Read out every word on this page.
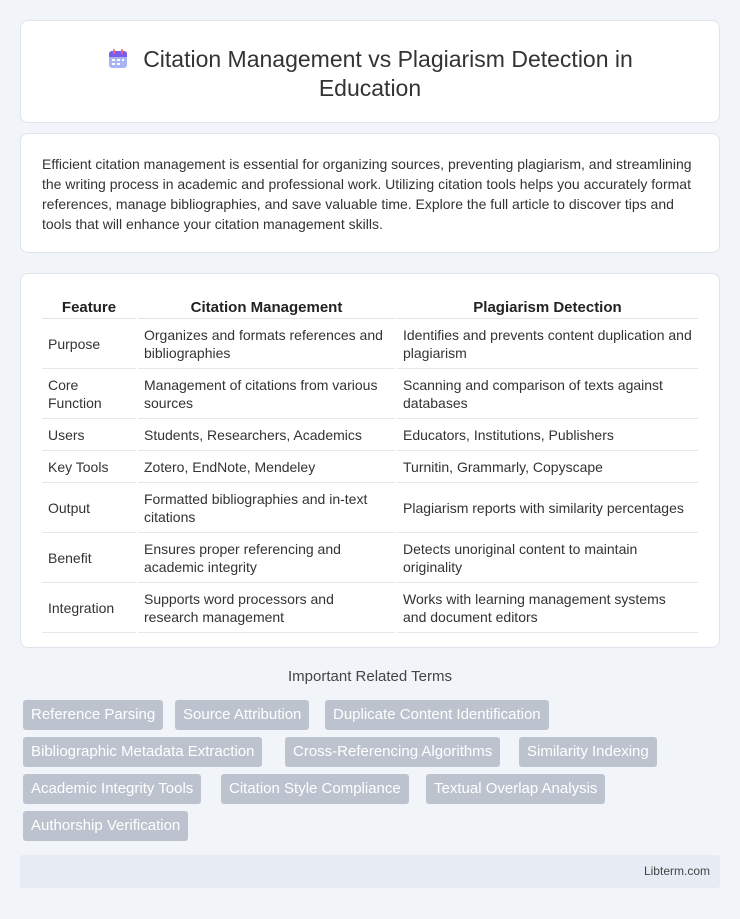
Citation Management vs Plagiarism Detection in
Education

Efficient citation management is essential for organizing sources, preventing plagiarism, and streamlining the writing process in academic and professional work. Utilizing citation tools helps you accurately format references, manage bibliographies, and save valuable time. Explore the full article to discover tips and tools that will enhance your citation management skills.

Feature		Citation Management		Plagiarism Detection
Purpose		Organizes and formats references and bibliographies		Identifies and prevents content duplication and plagiarism
Core Function		Management of citations from various sources		Scanning and comparison of texts against databases
Users		Students, Researchers, Academics		Educators, Institutions, Publishers
Key Tools		Zotero, EndNote, Mendeley		Turnitin, Grammarly, Copyscape
Output		Formatted bibliographies and in-text citations		Plagiarism reports with similarity percentages
Benefit		Ensures proper referencing and academic integrity		Detects unoriginal content to maintain originality
Integration		Supports word processors and research management		Works with learning management systems and document editors
Important Related Terms
Reference Parsing	Source Attribution	Duplicate Content Identification
Bibliographic Metadata Extraction	Cross-Referencing Algorithms	Similarity Indexing
Academic Integrity Tools	Citation Style Compliance	Textual Overlap Analysis
Authorship Verification
Libterm.com
